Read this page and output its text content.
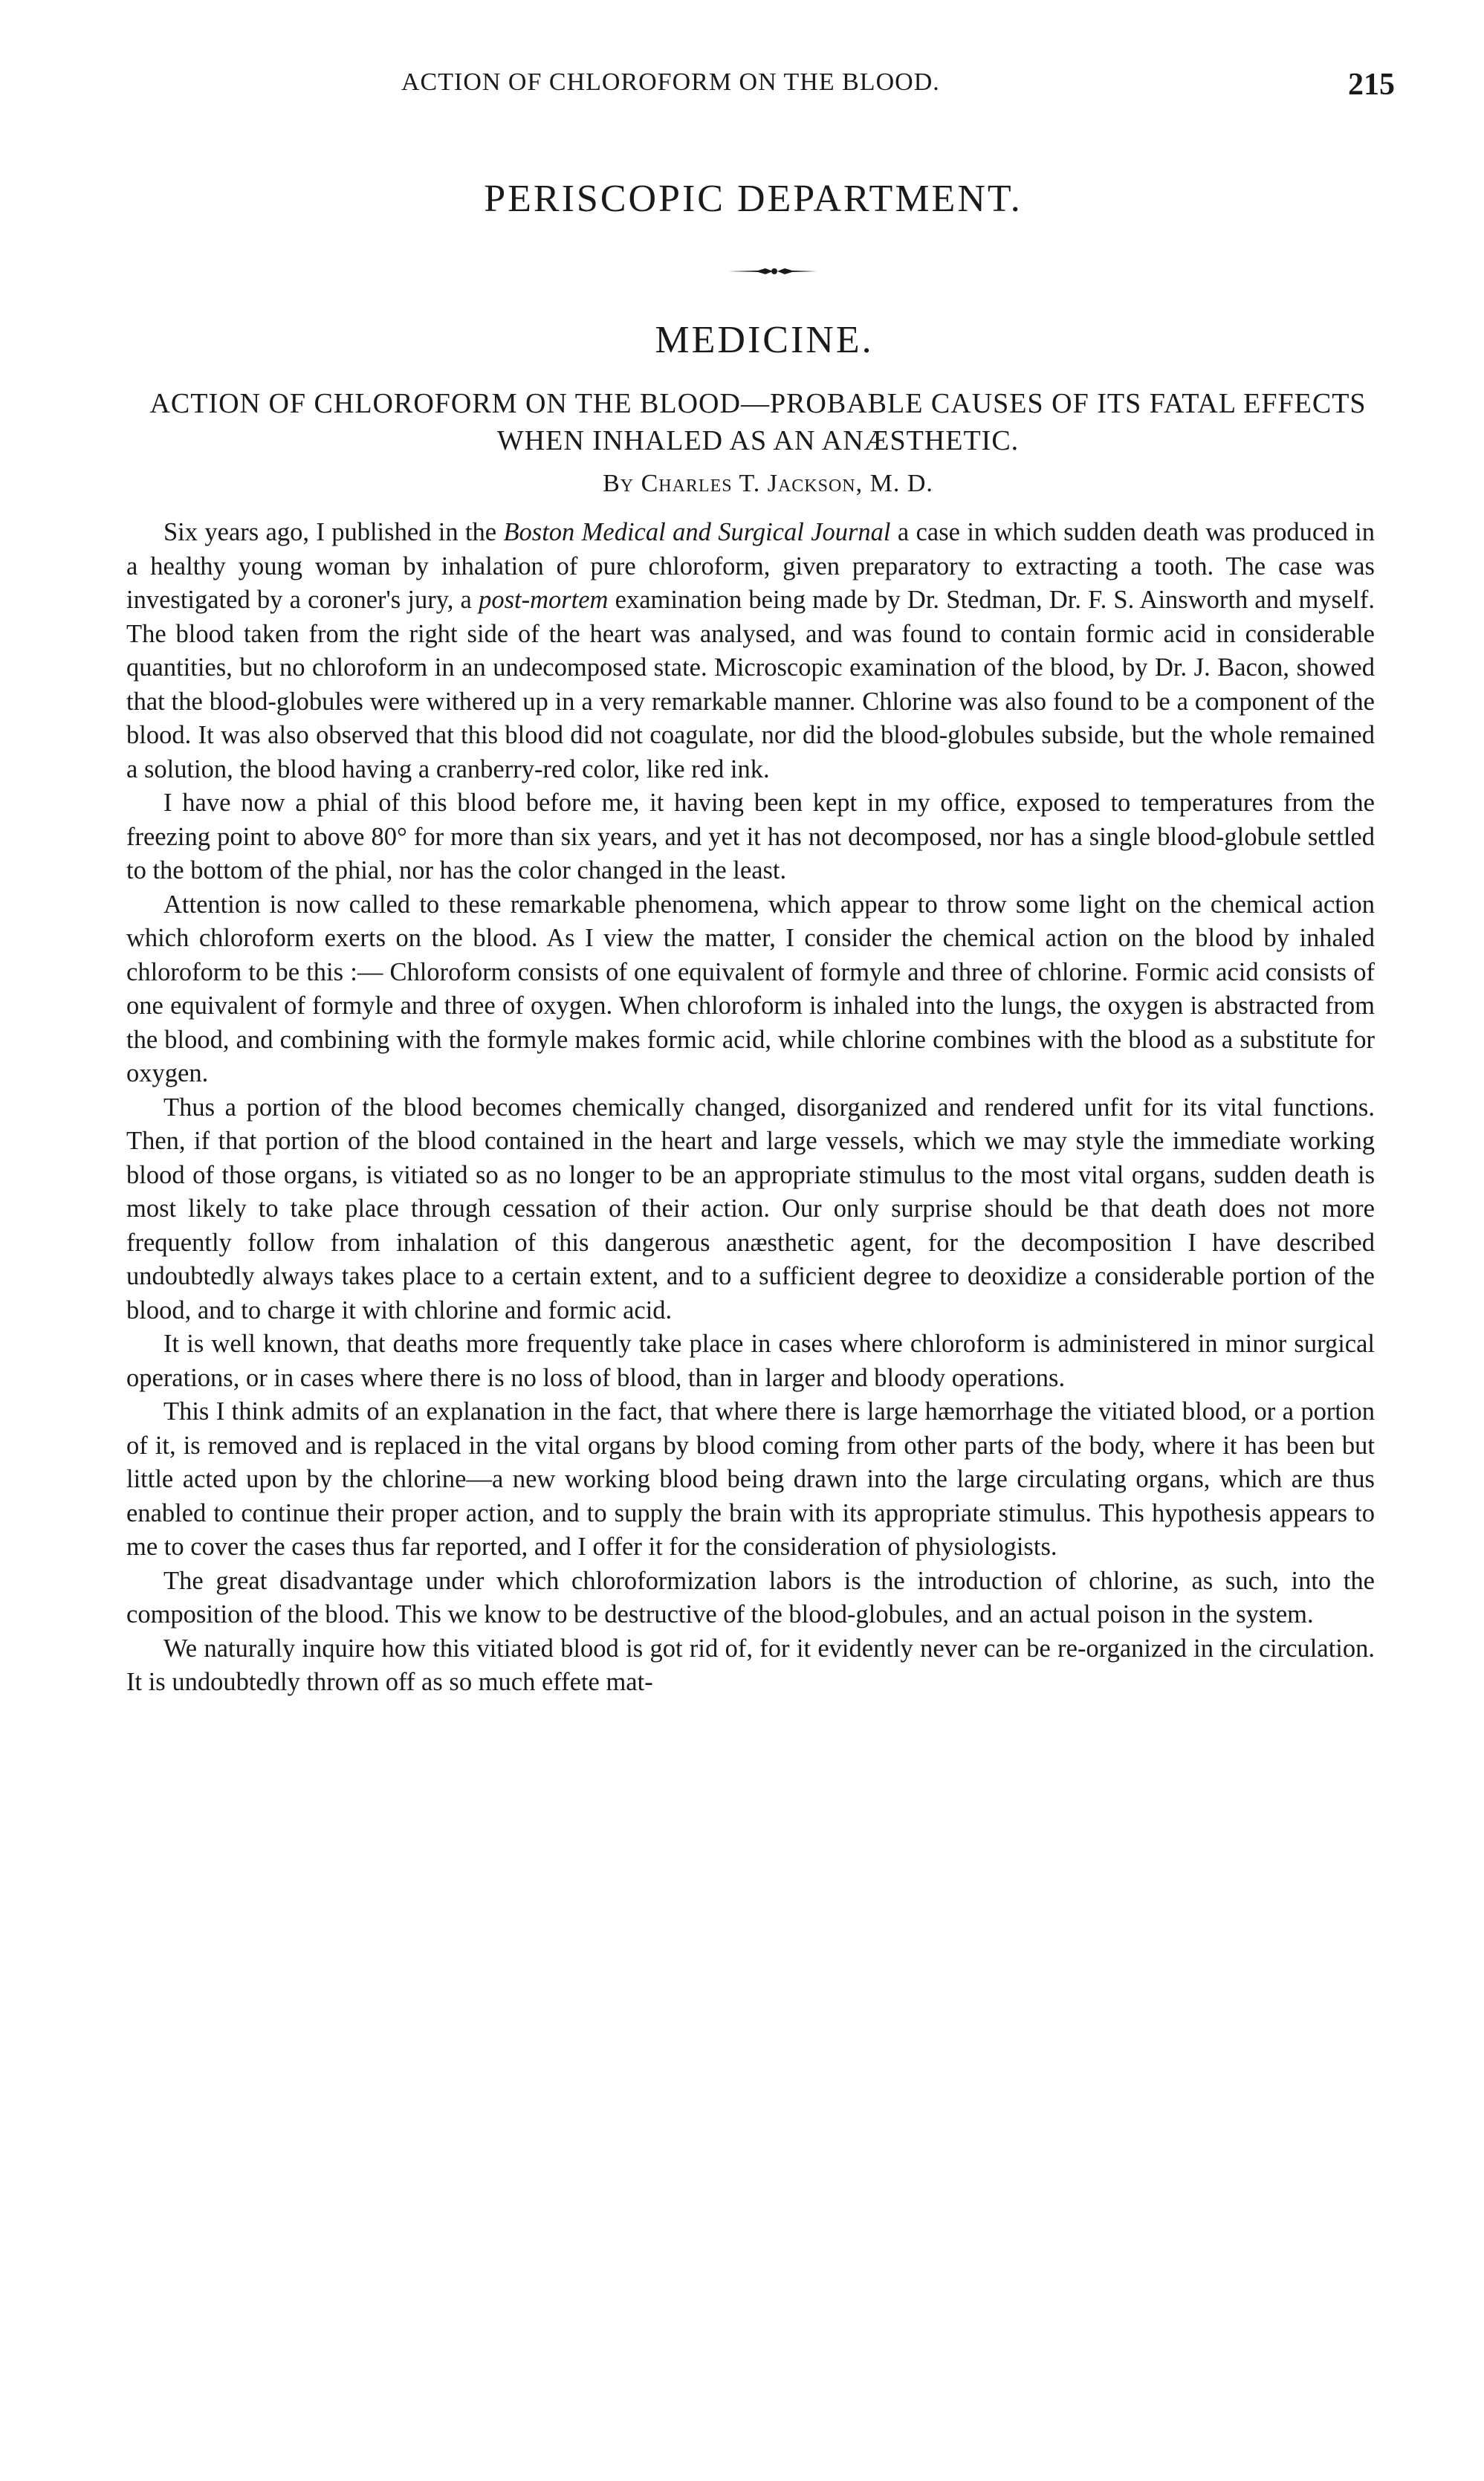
ACTION OF CHLOROFORM ON THE BLOOD.	215
PERISCOPIC DEPARTMENT.
MEDICINE.
ACTION OF CHLOROFORM ON THE BLOOD—PROBABLE CAUSES OF ITS FATAL EFFECTS WHEN INHALED AS AN ANÆSTHETIC.
By Charles T. Jackson, M. D.

Six years ago, I published in the Boston Medical and Surgical Journal a case in which sudden death was produced in a healthy young woman by inhalation of pure chloroform, given preparatory to extracting a tooth. The case was investigated by a coroner's jury, a post-mortem examination being made by Dr. Stedman, Dr. F. S. Ainsworth and myself. The blood taken from the right side of the heart was analysed, and was found to contain formic acid in considerable quantities, but no chloroform in an undecomposed state. Microscopic examination of the blood, by Dr. J. Bacon, showed that the blood-globules were withered up in a very remarkable manner. Chlorine was also found to be a component of the blood. It was also observed that this blood did not coagulate, nor did the blood-globules subside, but the whole remained a solution, the blood having a cranberry-red color, like red ink.

I have now a phial of this blood before me, it having been kept in my office, exposed to temperatures from the freezing point to above 80° for more than six years, and yet it has not decomposed, nor has a single blood-globule settled to the bottom of the phial, nor has the color changed in the least.

Attention is now called to these remarkable phenomena, which appear to throw some light on the chemical action which chloroform exerts on the blood. As I view the matter, I consider the chemical action on the blood by inhaled chloroform to be this :— Chloroform consists of one equivalent of formyle and three of chlorine. Formic acid consists of one equivalent of formyle and three of oxygen. When chloroform is inhaled into the lungs, the oxygen is abstracted from the blood, and combining with the formyle makes formic acid, while chlorine combines with the blood as a substitute for oxygen.

Thus a portion of the blood becomes chemically changed, disorganized and rendered unfit for its vital functions. Then, if that portion of the blood contained in the heart and large vessels, which we may style the immediate working blood of those organs, is vitiated so as no longer to be an appropriate stimulus to the most vital organs, sudden death is most likely to take place through cessation of their action. Our only surprise should be that death does not more frequently follow from inhalation of this dangerous anæsthetic agent, for the decomposition I have described undoubtedly always takes place to a certain extent, and to a sufficient degree to deoxidize a considerable portion of the blood, and to charge it with chlorine and formic acid.

It is well known, that deaths more frequently take place in cases where chloroform is administered in minor surgical operations, or in cases where there is no loss of blood, than in larger and bloody operations.

This I think admits of an explanation in the fact, that where there is large hæmorrhage the vitiated blood, or a portion of it, is removed and is replaced in the vital organs by blood coming from other parts of the body, where it has been but little acted upon by the chlorine—a new working blood being drawn into the large circulating organs, which are thus enabled to continue their proper action, and to supply the brain with its appropriate stimulus. This hypothesis appears to me to cover the cases thus far reported, and I offer it for the consideration of physiologists.

The great disadvantage under which chloroformization labors is the introduction of chlorine, as such, into the composition of the blood. This we know to be destructive of the blood-globules, and an actual poison in the system.

We naturally inquire how this vitiated blood is got rid of, for it evidently never can be re-organized in the circulation. It is undoubtedly thrown off as so much effete mat-
